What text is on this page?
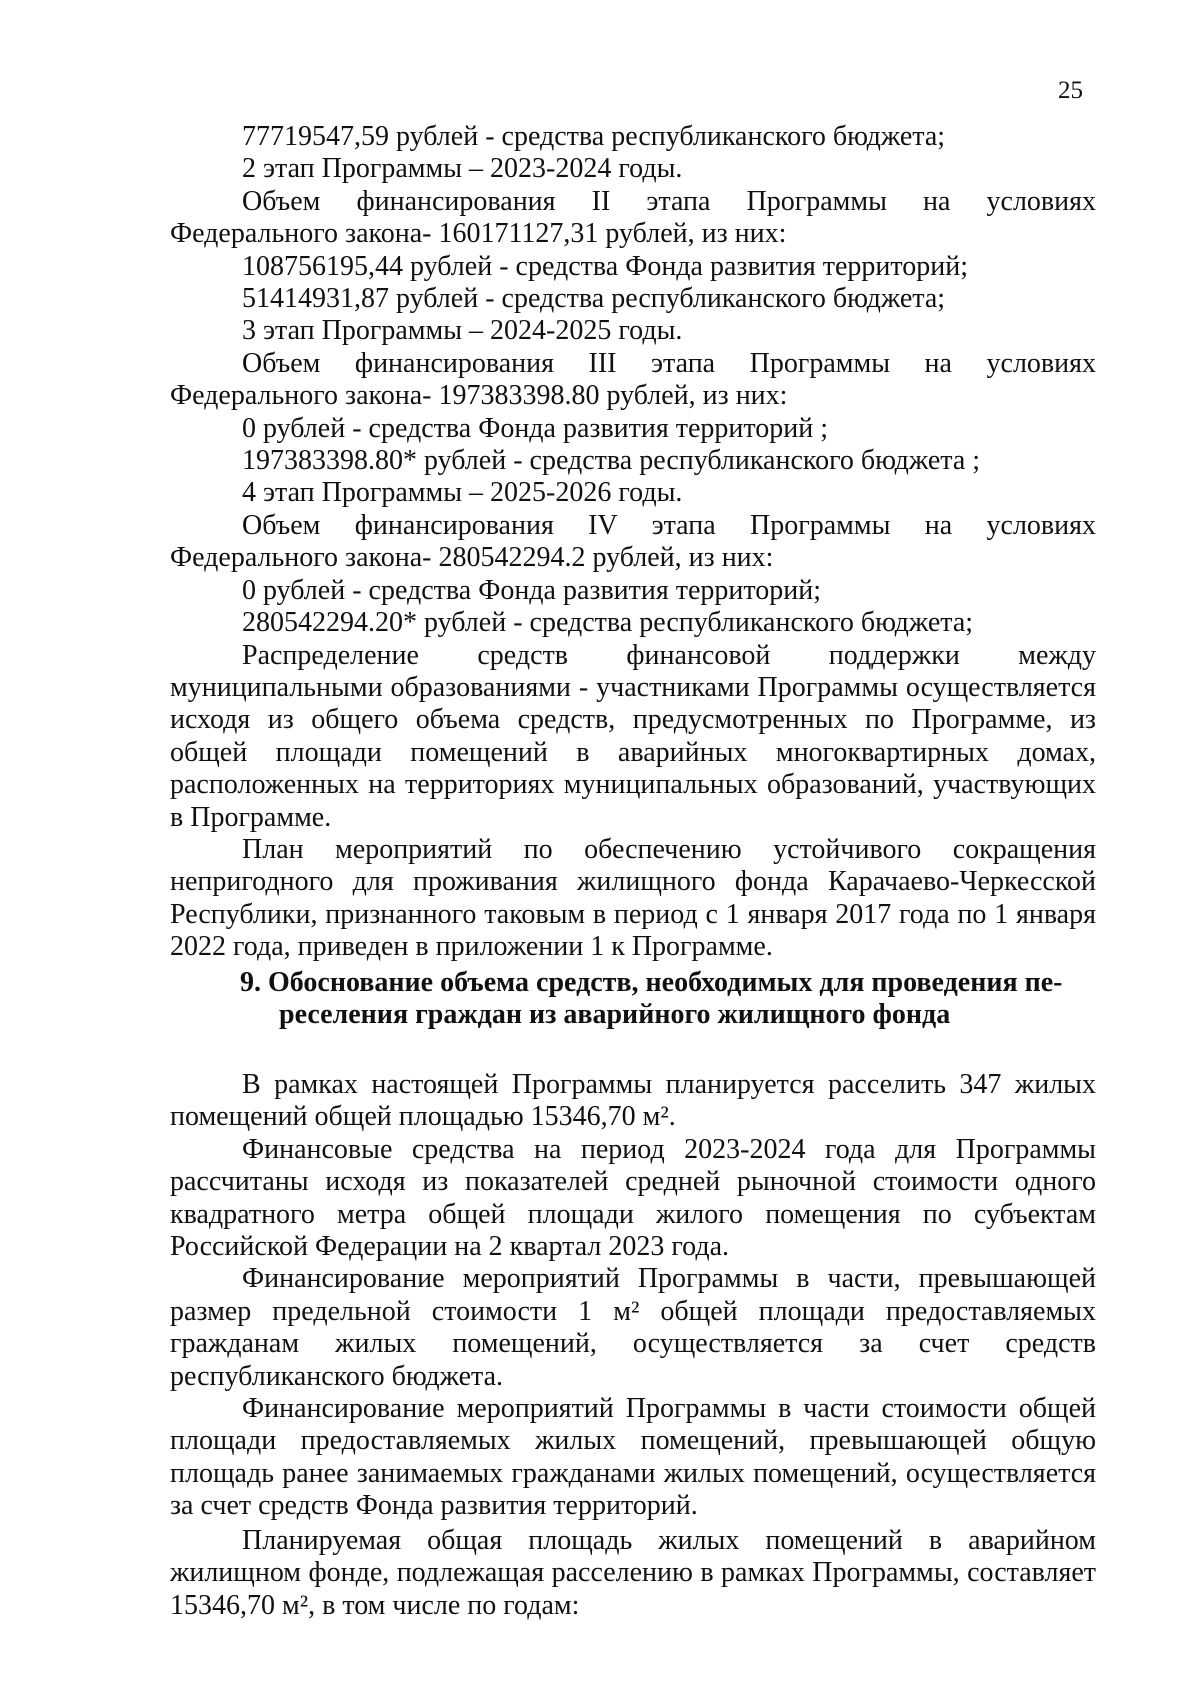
25

77719547,59 рублей - средства республиканского бюджета;

2 этап Программы – 2023-2024 годы.

Объем финансирования II этапа Программы на условиях Федерального закона- 160171127,31 рублей, из них:

108756195,44 рублей - средства Фонда развития территорий;

51414931,87 рублей - средства республиканского бюджета;

3 этап Программы – 2024-2025 годы.

Объем финансирования III этапа Программы на условиях Федерального закона- 197383398.80 рублей, из них:

0 рублей - средства Фонда развития территорий ;

197383398.80* рублей - средства республиканского бюджета ;

4 этап Программы – 2025-2026 годы.

Объем финансирования IV этапа Программы на условиях Федерального закона- 280542294.2 рублей, из них:

0 рублей - средства Фонда развития территорий;

280542294.20* рублей - средства республиканского бюджета;

Распределение средств финансовой поддержки между муниципальными образованиями - участниками Программы осуществляется исходя из общего объема средств, предусмотренных по Программе, из общей площади помещений в аварийных многоквартирных домах, расположенных на территориях муниципальных образований, участвующих в Программе.

План мероприятий по обеспечению устойчивого сокращения непригодного для проживания жилищного фонда Карачаево-Черкесской Республики, признанного таковым в период с 1 января 2017 года по 1 января 2022 года, приведен в приложении 1 к Программе.

9. Обоснование объема средств, необходимых для проведения пе-
реселения граждан из аварийного жилищного фонда

В рамках настоящей Программы планируется расселить 347 жилых помещений общей площадью 15346,70 м².

Финансовые средства на период 2023-2024 года для Программы рассчитаны исходя из показателей средней рыночной стоимости одного квадратного метра общей площади жилого помещения по субъектам Российской Федерации на 2 квартал 2023 года.

Финансирование мероприятий Программы в части, превышающей размер предельной стоимости 1 м² общей площади предоставляемых гражданам жилых помещений, осуществляется за счет средств республиканского бюджета.

Финансирование мероприятий Программы в части стоимости общей площади предоставляемых жилых помещений, превышающей общую площадь ранее занимаемых гражданами жилых помещений, осуществляется за счет средств Фонда развития территорий.

Планируемая общая площадь жилых помещений в аварийном жилищном фонде, подлежащая расселению в рамках Программы, составляет 15346,70 м², в том числе по годам:
